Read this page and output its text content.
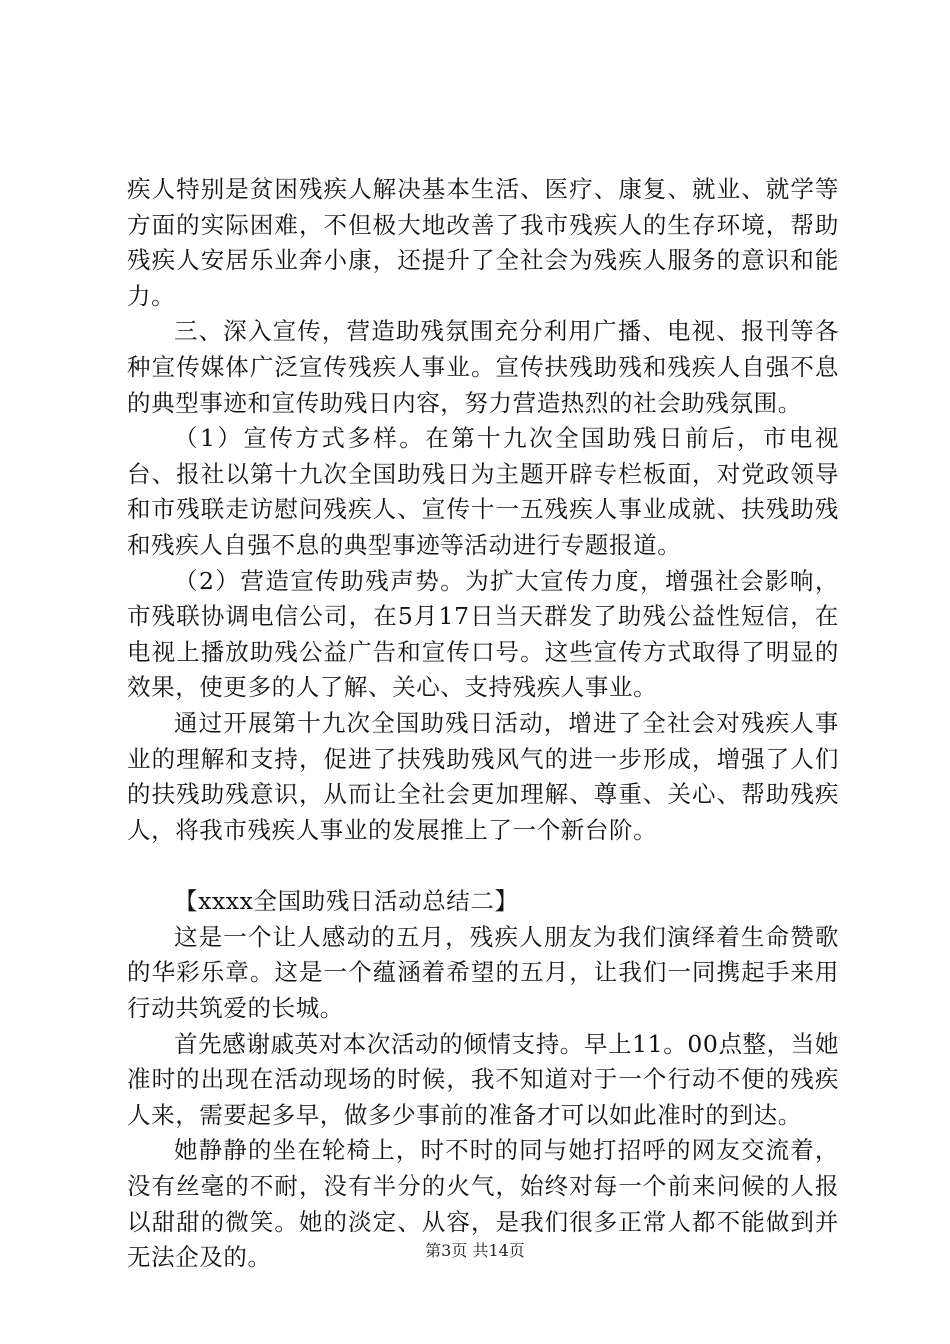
疾人特别是贫困残疾人解决基本生活、医疗、康复、就业、就学等方面的实际困难，不但极大地改善了我市残疾人的生存环境，帮助残疾人安居乐业奔小康，还提升了全社会为残疾人服务的意识和能力。

三、深入宣传，营造助残氛围充分利用广播、电视、报刊等各种宣传媒体广泛宣传残疾人事业。宣传扶残助残和残疾人自强不息的典型事迹和宣传助残日内容，努力营造热烈的社会助残氛围。

（1）宣传方式多样。在第十九次全国助残日前后，市电视台、报社以第十九次全国助残日为主题开辟专栏板面，对党政领导和市残联走访慰问残疾人、宣传十一五残疾人事业成就、扶残助残和残疾人自强不息的典型事迹等活动进行专题报道。

（2）营造宣传助残声势。为扩大宣传力度，增强社会影响，市残联协调电信公司，在5月17日当天群发了助残公益性短信，在电视上播放助残公益广告和宣传口号。这些宣传方式取得了明显的效果，使更多的人了解、关心、支持残疾人事业。

通过开展第十九次全国助残日活动，增进了全社会对残疾人事业的理解和支持，促进了扶残助残风气的进一步形成，增强了人们的扶残助残意识，从而让全社会更加理解、尊重、关心、帮助残疾人，将我市残疾人事业的发展推上了一个新台阶。

【xxxx全国助残日活动总结二】

这是一个让人感动的五月，残疾人朋友为我们演绎着生命赞歌的华彩乐章。这是一个蕴涵着希望的五月，让我们一同携起手来用行动共筑爱的长城。

首先感谢戚英对本次活动的倾情支持。早上11。00点整，当她准时的出现在活动现场的时候，我不知道对于一个行动不便的残疾人来，需要起多早，做多少事前的准备才可以如此准时的到达。

她静静的坐在轮椅上，时不时的同与她打招呼的网友交流着，没有丝毫的不耐，没有半分的火气，始终对每一个前来问候的人报以甜甜的微笑。她的淡定、从容，是我们很多正常人都不能做到并无法企及的。	第3页 共14页
